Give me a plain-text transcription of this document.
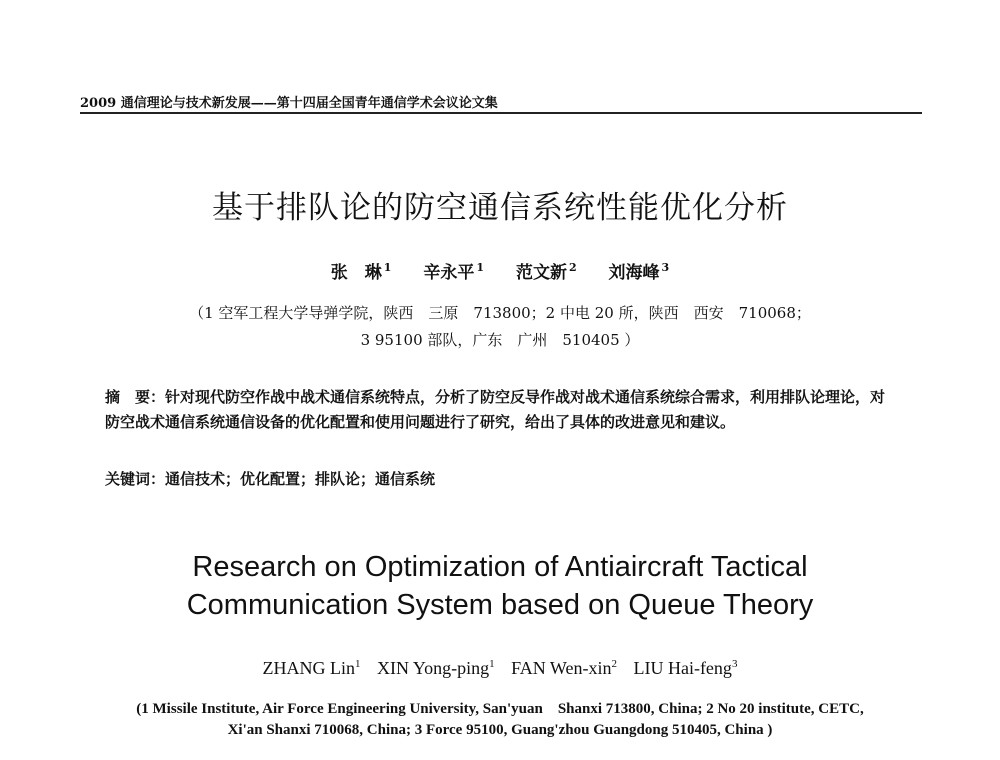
2009 通信理论与技术新发展——第十四届全国青年通信学术会议论文集
基于排队论的防空通信系统性能优化分析
张　琳 $^1$ 辛永平 $^1$ 范文新 $^2$ 刘海峰 $^3$
（1 空军工程大学导弹学院，陕西　三原　713800；2 中电 20 所，陕西　西安　710068；
3 95100 部队，广东　广州　510405 ）
摘　要：针对现代防空作战中战术通信系统特点，分析了防空反导作战对战术通信系统综合需求，利用排队论理论，对防空战术通信系统通信设备的优化配置和使用问题进行了研究，给出了具体的改进意见和建议。
关键词：通信技术；优化配置；排队论；通信系统
Research on Optimization of Antiaircraft Tactical
Communication System based on Queue Theory
ZHANG Lin$^1$ XIN Yong-ping$^1$ FAN Wen-xin$^2$ LIU Hai-feng$^3$
(1 Missile Institute, Air Force Engineering University, San'yuan　Shanxi 713800, China; 2 No 20 institute, CETC,
Xi'an Shanxi 710068, China; 3 Force 95100, Guang'zhou Guangdong 510405, China )
